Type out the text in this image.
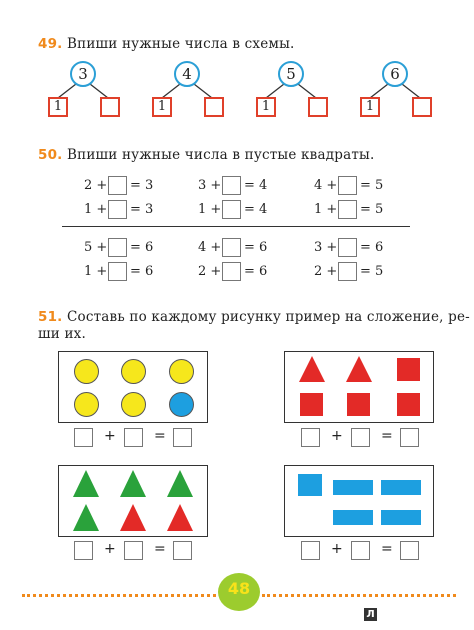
49. Впиши нужные числа в схемы.
3
1
4
1
5
1
6
1
50. Впиши нужные числа в пустые квадраты.
2 + = 3	3 + = 4	4 + = 5
1 + = 3	1 + = 4	1 + = 5
5 + = 6	4 + = 6	3 + = 6
1 + = 6	2 + = 6	2 + = 5
51. Составь по каждому рисунку пример на сложение, ре-
ши их.
+	=	+	=
+	=	+	=
48
Л
